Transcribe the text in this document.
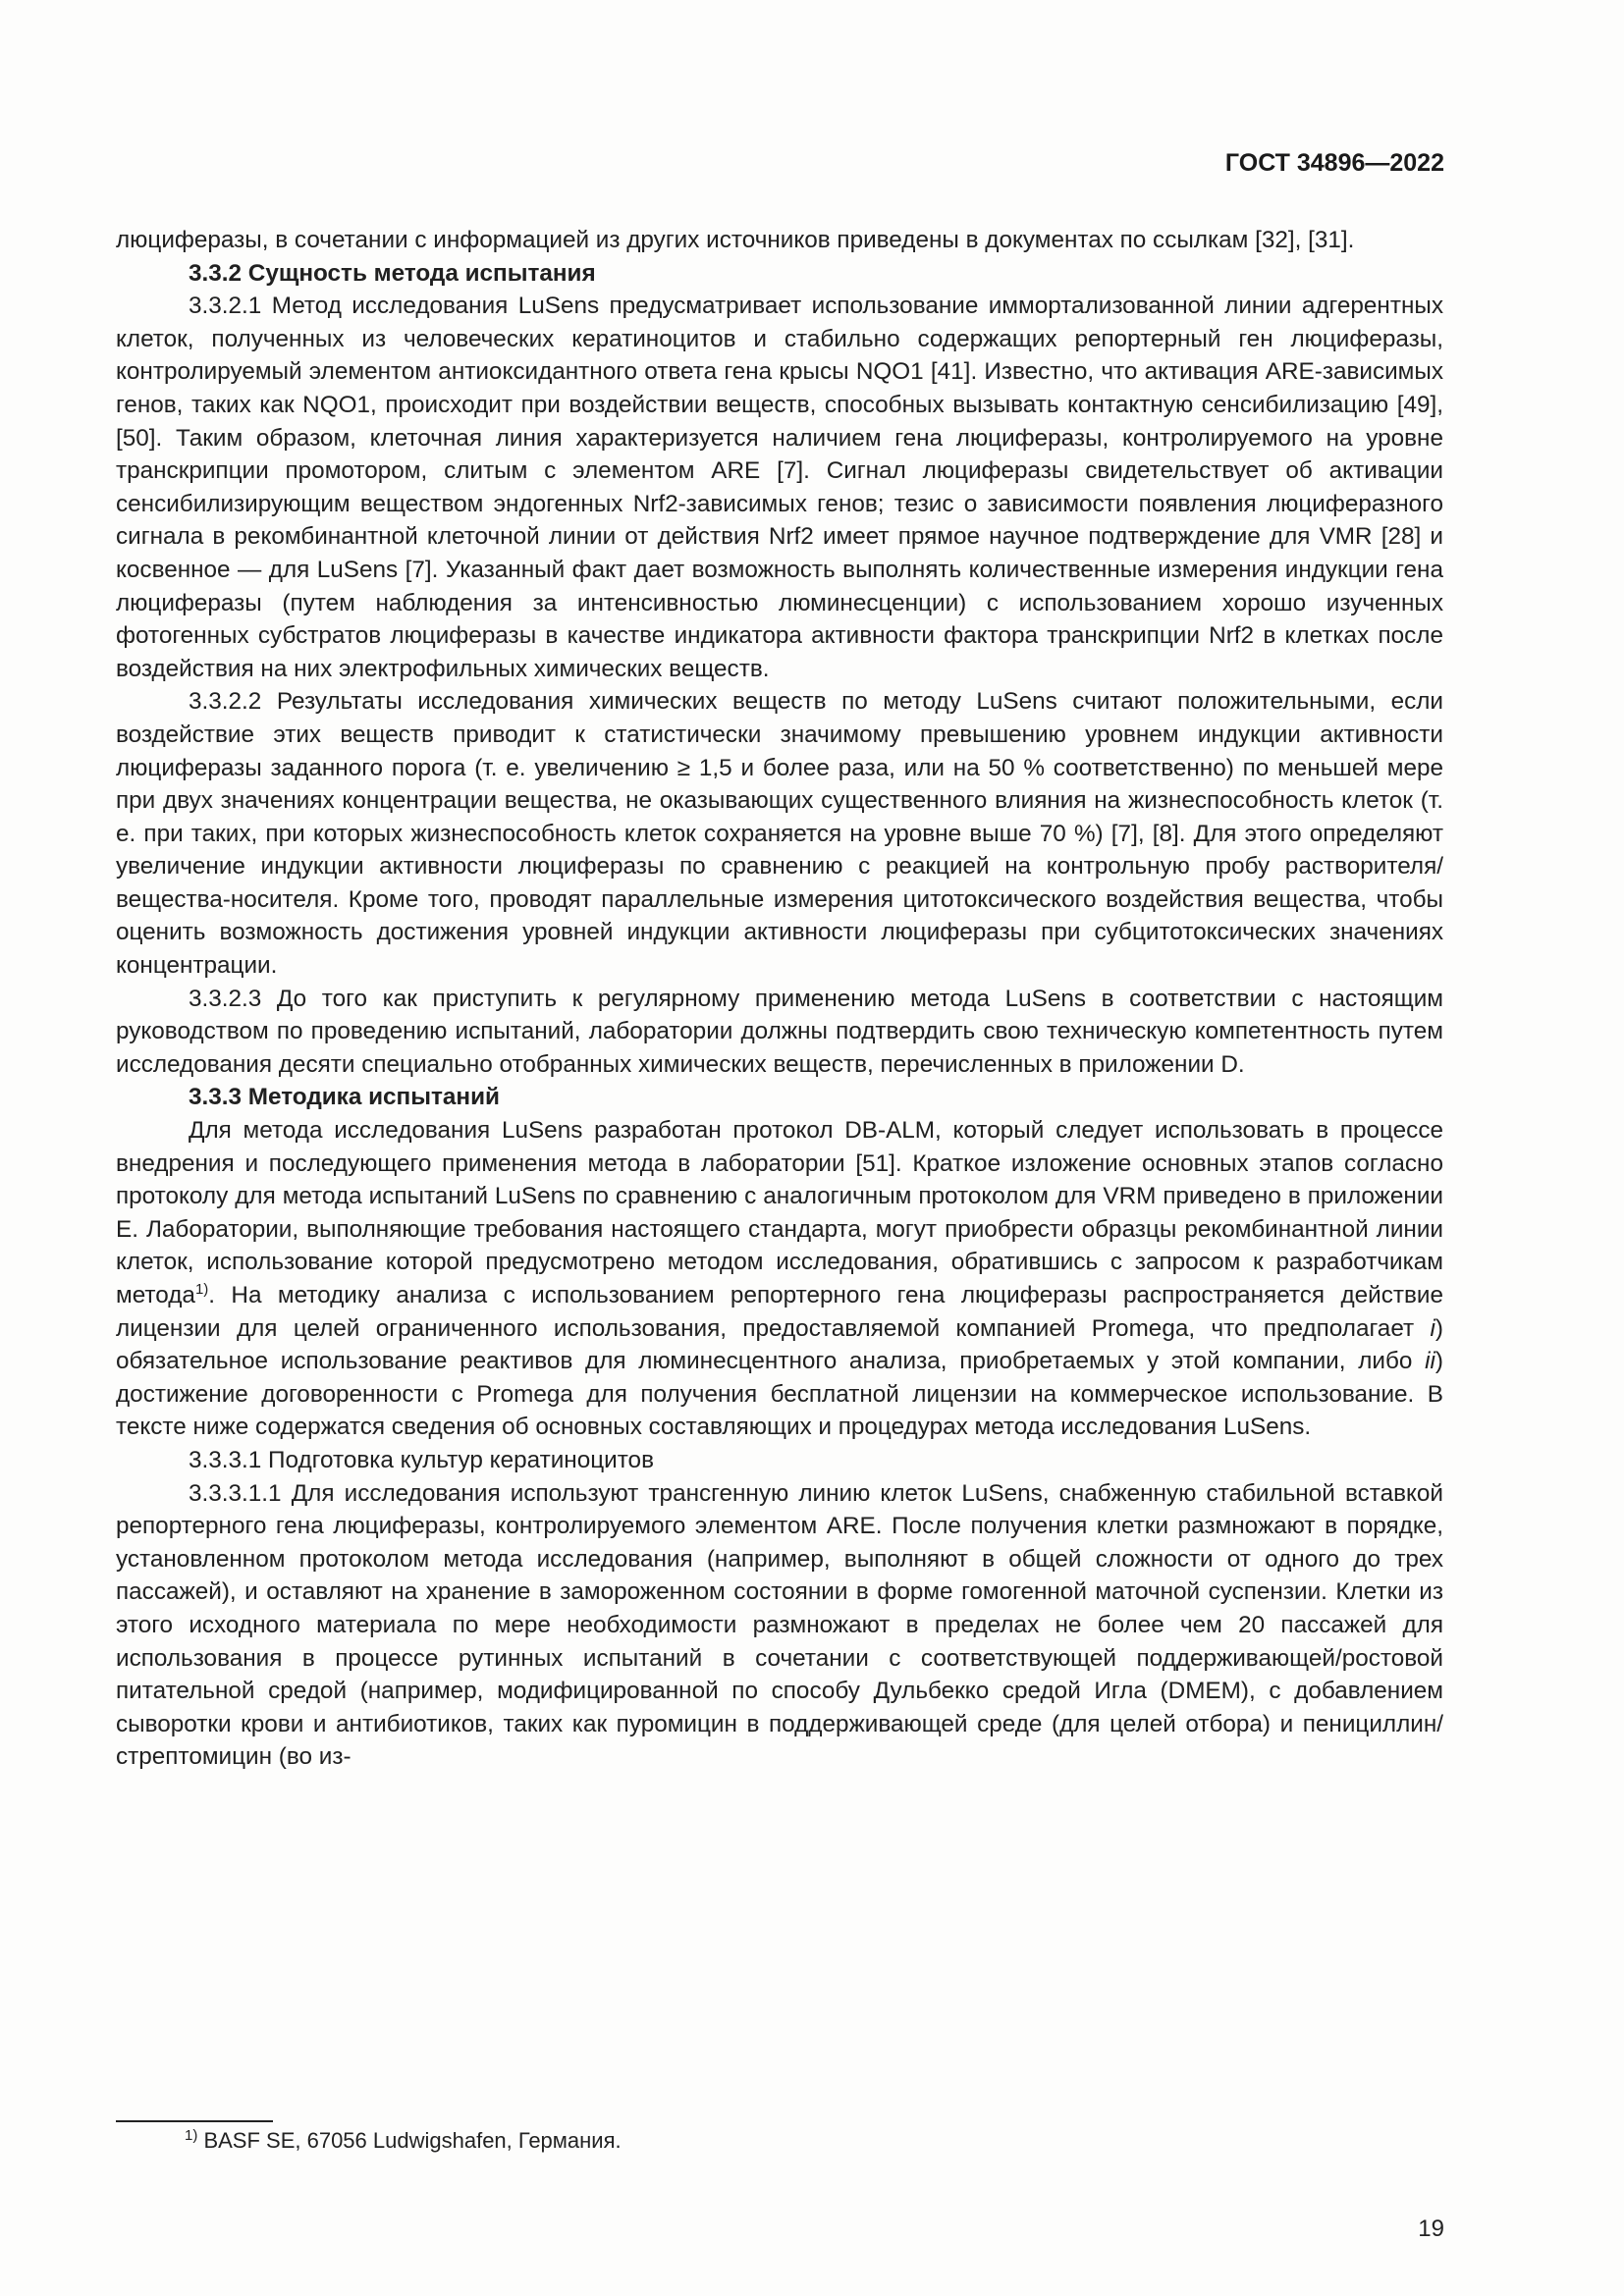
ГОСТ 34896—2022

люциферазы, в сочетании с информацией из других источников приведены в документах по ссылкам [32], [31].

3.3.2 Сущность метода испытания

3.3.2.1 Метод исследования LuSens предусматривает использование иммортализованной линии адгерентных клеток, полученных из человеческих кератиноцитов и стабильно содержащих репортерный ген люциферазы, контролируемый элементом антиоксидантного ответа гена крысы NQO1 [41]. Известно, что активация ARE-зависимых генов, таких как NQO1, происходит при воздействии веществ, способных вызывать контактную сенсибилизацию [49], [50]. Таким образом, клеточная линия характеризуется наличием гена люциферазы, контролируемого на уровне транскрипции промотором, слитым с элементом ARE [7]. Сигнал люциферазы свидетельствует об активации сенсибилизирующим веществом эндогенных Nrf2-зависимых генов; тезис о зависимости появления люциферазного сигнала в рекомбинантной клеточной линии от действия Nrf2 имеет прямое научное подтверждение для VMR [28] и косвенное — для LuSens [7]. Указанный факт дает возможность выполнять количественные измерения индукции гена люциферазы (путем наблюдения за интенсивностью люминесценции) с использованием хорошо изученных фотогенных субстратов люциферазы в качестве индикатора активности фактора транскрипции Nrf2 в клетках после воздействия на них электрофильных химических веществ.

3.3.2.2 Результаты исследования химических веществ по методу LuSens считают положительными, если воздействие этих веществ приводит к статистически значимому превышению уровнем индукции активности люциферазы заданного порога (т. е. увеличению ≥ 1,5 и более раза, или на 50 % соответственно) по меньшей мере при двух значениях концентрации вещества, не оказывающих существенного влияния на жизнеспособность клеток (т. е. при таких, при которых жизнеспособность клеток сохраняется на уровне выше 70 %) [7], [8]. Для этого определяют увеличение индукции активности люциферазы по сравнению с реакцией на контрольную пробу растворителя/вещества-носителя. Кроме того, проводят параллельные измерения цитотоксического воздействия вещества, чтобы оценить возможность достижения уровней индукции активности люциферазы при субцитотоксических значениях концентрации.

3.3.2.3 До того как приступить к регулярному применению метода LuSens в соответствии с настоящим руководством по проведению испытаний, лаборатории должны подтвердить свою техническую компетентность путем исследования десяти специально отобранных химических веществ, перечисленных в приложении D.

3.3.3 Методика испытаний

Для метода исследования LuSens разработан протокол DB-ALM, который следует использовать в процессе внедрения и последующего применения метода в лаборатории [51]. Краткое изложение основных этапов согласно протоколу для метода испытаний LuSens по сравнению с аналогичным протоколом для VRM приведено в приложении E. Лаборатории, выполняющие требования настоящего стандарта, могут приобрести образцы рекомбинантной линии клеток, использование которой предусмотрено методом исследования, обратившись с запросом к разработчикам метода$^{1)}$. На методику анализа с использованием репортерного гена люциферазы распространяется действие лицензии для целей ограниченного использования, предоставляемой компанией Promega, что предполагает i) обязательное использование реактивов для люминесцентного анализа, приобретаемых у этой компании, либо ii) достижение договоренности с Promega для получения бесплатной лицензии на коммерческое использование. В тексте ниже содержатся сведения об основных составляющих и процедурах метода исследования LuSens.

3.3.3.1 Подготовка культур кератиноцитов

3.3.3.1.1 Для исследования используют трансгенную линию клеток LuSens, снабженную стабильной вставкой репортерного гена люциферазы, контролируемого элементом ARE. После получения клетки размножают в порядке, установленном протоколом метода исследования (например, выполняют в общей сложности от одного до трех пассажей), и оставляют на хранение в замороженном состоянии в форме гомогенной маточной суспензии. Клетки из этого исходного материала по мере необходимости размножают в пределах не более чем 20 пассажей для использования в процессе рутинных испытаний в сочетании с соответствующей поддерживающей/ростовой питательной средой (например, модифицированной по способу Дульбекко средой Игла (DMEM), с добавлением сыворотки крови и антибиотиков, таких как пуромицин в поддерживающей среде (для целей отбора) и пенициллин/стрептомицин (во из-

$^{1)}$ BASF SE, 67056 Ludwigshafen, Германия.
19
